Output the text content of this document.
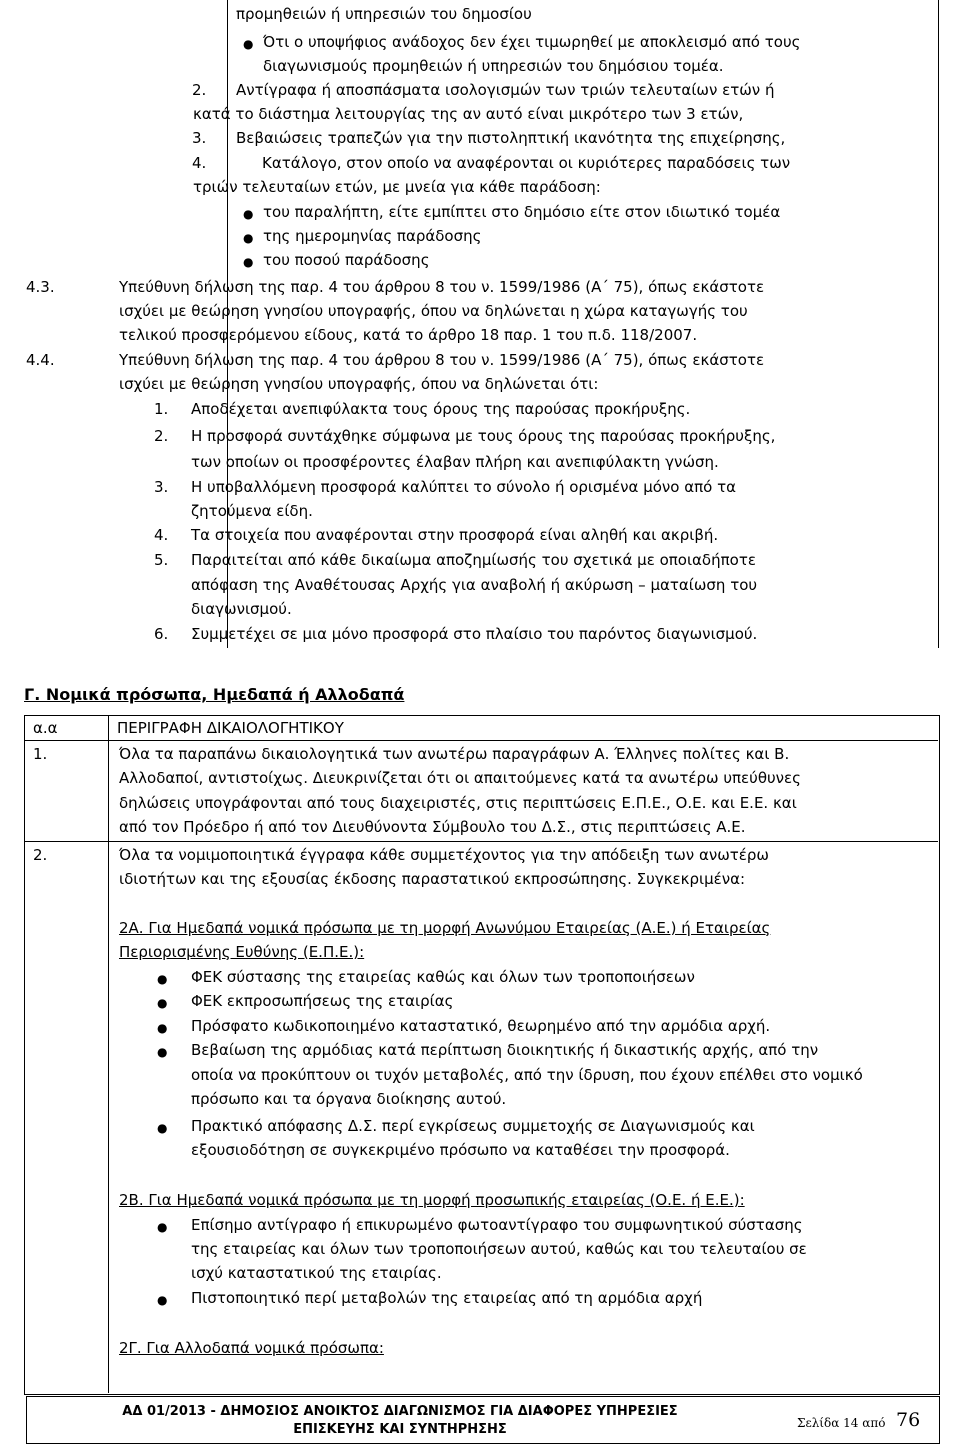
προμηθειών ή υπηρεσιών του δημοσίου
● Ότι ο υποψήφιος ανάδοχος δεν έχει τιμωρηθεί με αποκλεισμό από τους
διαγωνισμούς προμηθειών ή υπηρεσιών του δημόσιου τομέα.
2. Αντίγραφα ή αποσπάσματα ισολογισμών των τριών τελευταίων ετών ή
κατά το διάστημα λειτουργίας της αν αυτό είναι μικρότερο των 3 ετών,
3. Βεβαιώσεις τραπεζών για την πιστοληπτική ικανότητα της επιχείρησης,
4.	Κατάλογο, στον οποίο να αναφέρονται οι κυριότερες παραδόσεις των
τριών τελευταίων ετών, με μνεία για κάθε παράδοση:
● του παραλήπτη, είτε εμπίπτει στο δημόσιο είτε στον ιδιωτικό τομέα
● της ημερομηνίας παράδοσης
● του ποσού παράδοσης
4.3.	Υπεύθυνη δήλωση της παρ. 4 του άρθρου 8 του ν. 1599/1986 (Α΄ 75), όπως εκάστοτε
ισχύει με θεώρηση γνησίου υπογραφής, όπου να δηλώνεται η χώρα καταγωγής του
τελικού προσφερόμενου είδους, κατά το άρθρο 18 παρ. 1 του π.δ. 118/2007.
4.4.	Υπεύθυνη δήλωση της παρ. 4 του άρθρου 8 του ν. 1599/1986 (Α΄ 75), όπως εκάστοτε
ισχύει με θεώρηση γνησίου υπογραφής, όπου να δηλώνεται ότι:
1. Αποδέχεται ανεπιφύλακτα τους όρους της παρούσας προκήρυξης.
2. Η προσφορά συντάχθηκε σύμφωνα με τους όρους της παρούσας προκήρυξης,
των οποίων οι προσφέροντες έλαβαν πλήρη και ανεπιφύλακτη γνώση.
3. Η υποβαλλόμενη προσφορά καλύπτει το σύνολο ή ορισμένα μόνο από τα
ζητούμενα είδη.
4. Τα στοιχεία που αναφέρονται στην προσφορά είναι αληθή και ακριβή.
5. Παραιτείται από κάθε δικαίωμα αποζημίωσής του σχετικά με οποιαδήποτε
απόφαση της Αναθέτουσας Αρχής για αναβολή ή ακύρωση – ματαίωση του
διαγωνισμού.
6. Συμμετέχει σε μια μόνο προσφορά στο πλαίσιο του παρόντος διαγωνισμού.
Γ. Νομικά πρόσωπα, Ημεδαπά ή Αλλοδαπά
α.α	ΠΕΡΙΓΡΑΦΗ ΔΙΚΑΙΟΛΟΓΗΤΙΚΟΥ
1.	Όλα τα παραπάνω δικαιολογητικά των ανωτέρω παραγράφων Α. Έλληνες πολίτες και Β.
Αλλοδαποί, αντιστοίχως. Διευκρινίζεται ότι οι απαιτούμενες κατά τα ανωτέρω υπεύθυνες
δηλώσεις υπογράφονται από τους διαχειριστές, στις περιπτώσεις Ε.Π.Ε., Ο.Ε. και Ε.Ε. και
από τον Πρόεδρο ή από τον Διευθύνοντα Σύμβουλο του Δ.Σ., στις περιπτώσεις Α.Ε.
2.	Όλα τα νομιμοποιητικά έγγραφα κάθε συμμετέχοντος για την απόδειξη των ανωτέρω
ιδιοτήτων και της εξουσίας έκδοσης παραστατικού εκπροσώπησης. Συγκεκριμένα:
2Α. Για Ημεδαπά νομικά πρόσωπα με τη μορφή Ανωνύμου Εταιρείας (Α.Ε.) ή Εταιρείας
Περιορισμένης Ευθύνης (Ε.Π.Ε.):
● ΦΕΚ σύστασης της εταιρείας καθώς και όλων των τροποποιήσεων
● ΦΕΚ εκπροσωπήσεως της εταιρίας
● Πρόσφατο κωδικοποιημένο καταστατικό, θεωρημένο από την αρμόδια αρχή.
● Βεβαίωση της αρμόδιας κατά περίπτωση διοικητικής ή δικαστικής αρχής, από την
οποία να προκύπτουν οι τυχόν μεταβολές, από την ίδρυση, που έχουν επέλθει στο νομικό
πρόσωπο και τα όργανα διοίκησης αυτού.
● Πρακτικό απόφασης Δ.Σ. περί εγκρίσεως συμμετοχής σε Διαγωνισμούς και
εξουσιοδότηση σε συγκεκριμένο πρόσωπο να καταθέσει την προσφορά.
2Β. Για Ημεδαπά νομικά πρόσωπα με τη μορφή προσωπικής εταιρείας (Ο.Ε. ή Ε.Ε.):
● Επίσημο αντίγραφο ή επικυρωμένο φωτοαντίγραφο του συμφωνητικού σύστασης
της εταιρείας και όλων των τροποποιήσεων αυτού, καθώς και του τελευταίου σε
ισχύ καταστατικού της εταιρίας.
● Πιστοποιητικό περί μεταβολών της εταιρείας από τη αρμόδια αρχή
2Γ. Για Αλλοδαπά νομικά πρόσωπα:
ΑΔ 01/2013 - ΔΗΜΟΣΙΟΣ ΑΝΟΙΚΤΟΣ ΔΙΑΓΩΝΙΣΜΟΣ ΓΙΑ ΔΙΑΦΟΡΕΣ ΥΠΗΡΕΣΙΕΣ
ΕΠΙΣΚΕΥΗΣ ΚΑΙ ΣΥΝΤΗΡΗΣΗΣ	Σελίδα 14 από 76
